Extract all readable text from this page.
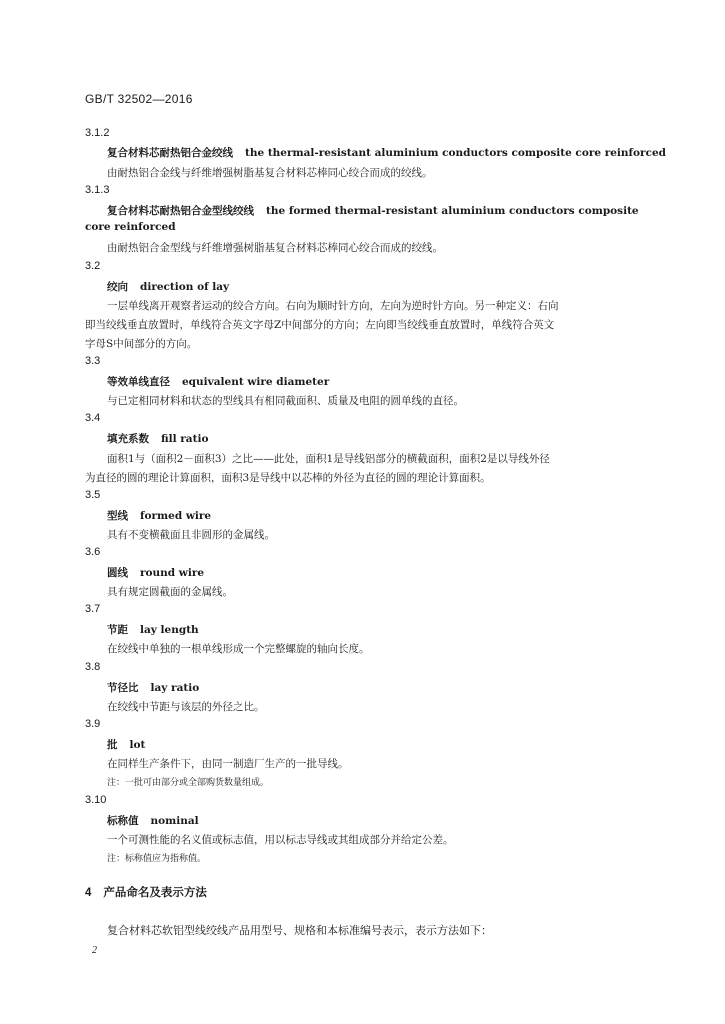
GB/T 32502—2016
3.1.2
复合材料芯耐热铝合金绞线 the thermal-resistant aluminium conductors composite core reinforced
由耐热铝合金线与纤维增强树脂基复合材料芯棒同心绞合而成的绞线。
3.1.3
复合材料芯耐热铝合金型线绞线 the formed thermal-resistant aluminium conductors composite
core reinforced
由耐热铝合金型线与纤维增强树脂基复合材料芯棒同心绞合而成的绞线。
3.2
绞向 direction of lay
一层单线离开观察者运动的绞合方向。右向为顺时针方向，左向为逆时针方向。另一种定义：右向
即当绞线垂直放置时，单线符合英文字母Z中间部分的方向；左向即当绞线垂直放置时，单线符合英文
字母S中间部分的方向。
3.3
等效单线直径 equivalent wire diameter
与已定相同材料和状态的型线具有相同截面积、质量及电阻的圆单线的直径。
3.4
填充系数 fill ratio
面积1与（面积2－面积3）之比——此处，面积1是导线铝部分的横截面积，面积2是以导线外径
为直径的圆的理论计算面积，面积3是导线中以芯棒的外径为直径的圆的理论计算面积。
3.5
型线 formed wire
具有不变横截面且非圆形的金属线。
3.6
圆线 round wire
具有规定圆截面的金属线。
3.7
节距 lay length
在绞线中单独的一根单线形成一个完整螺旋的轴向长度。
3.8
节径比 lay ratio
在绞线中节距与该层的外径之比。
3.9
批 lot
在同样生产条件下，由同一制造厂生产的一批导线。
注：一批可由部分或全部购货数量组成。
3.10
标称值 nominal
一个可测性能的名义值或标志值，用以标志导线或其组成部分并给定公差。
注：标称值应为指称值。
4 产品命名及表示方法
复合材料芯软铝型线绞线产品用型号、规格和本标准编号表示，表示方法如下：
2
